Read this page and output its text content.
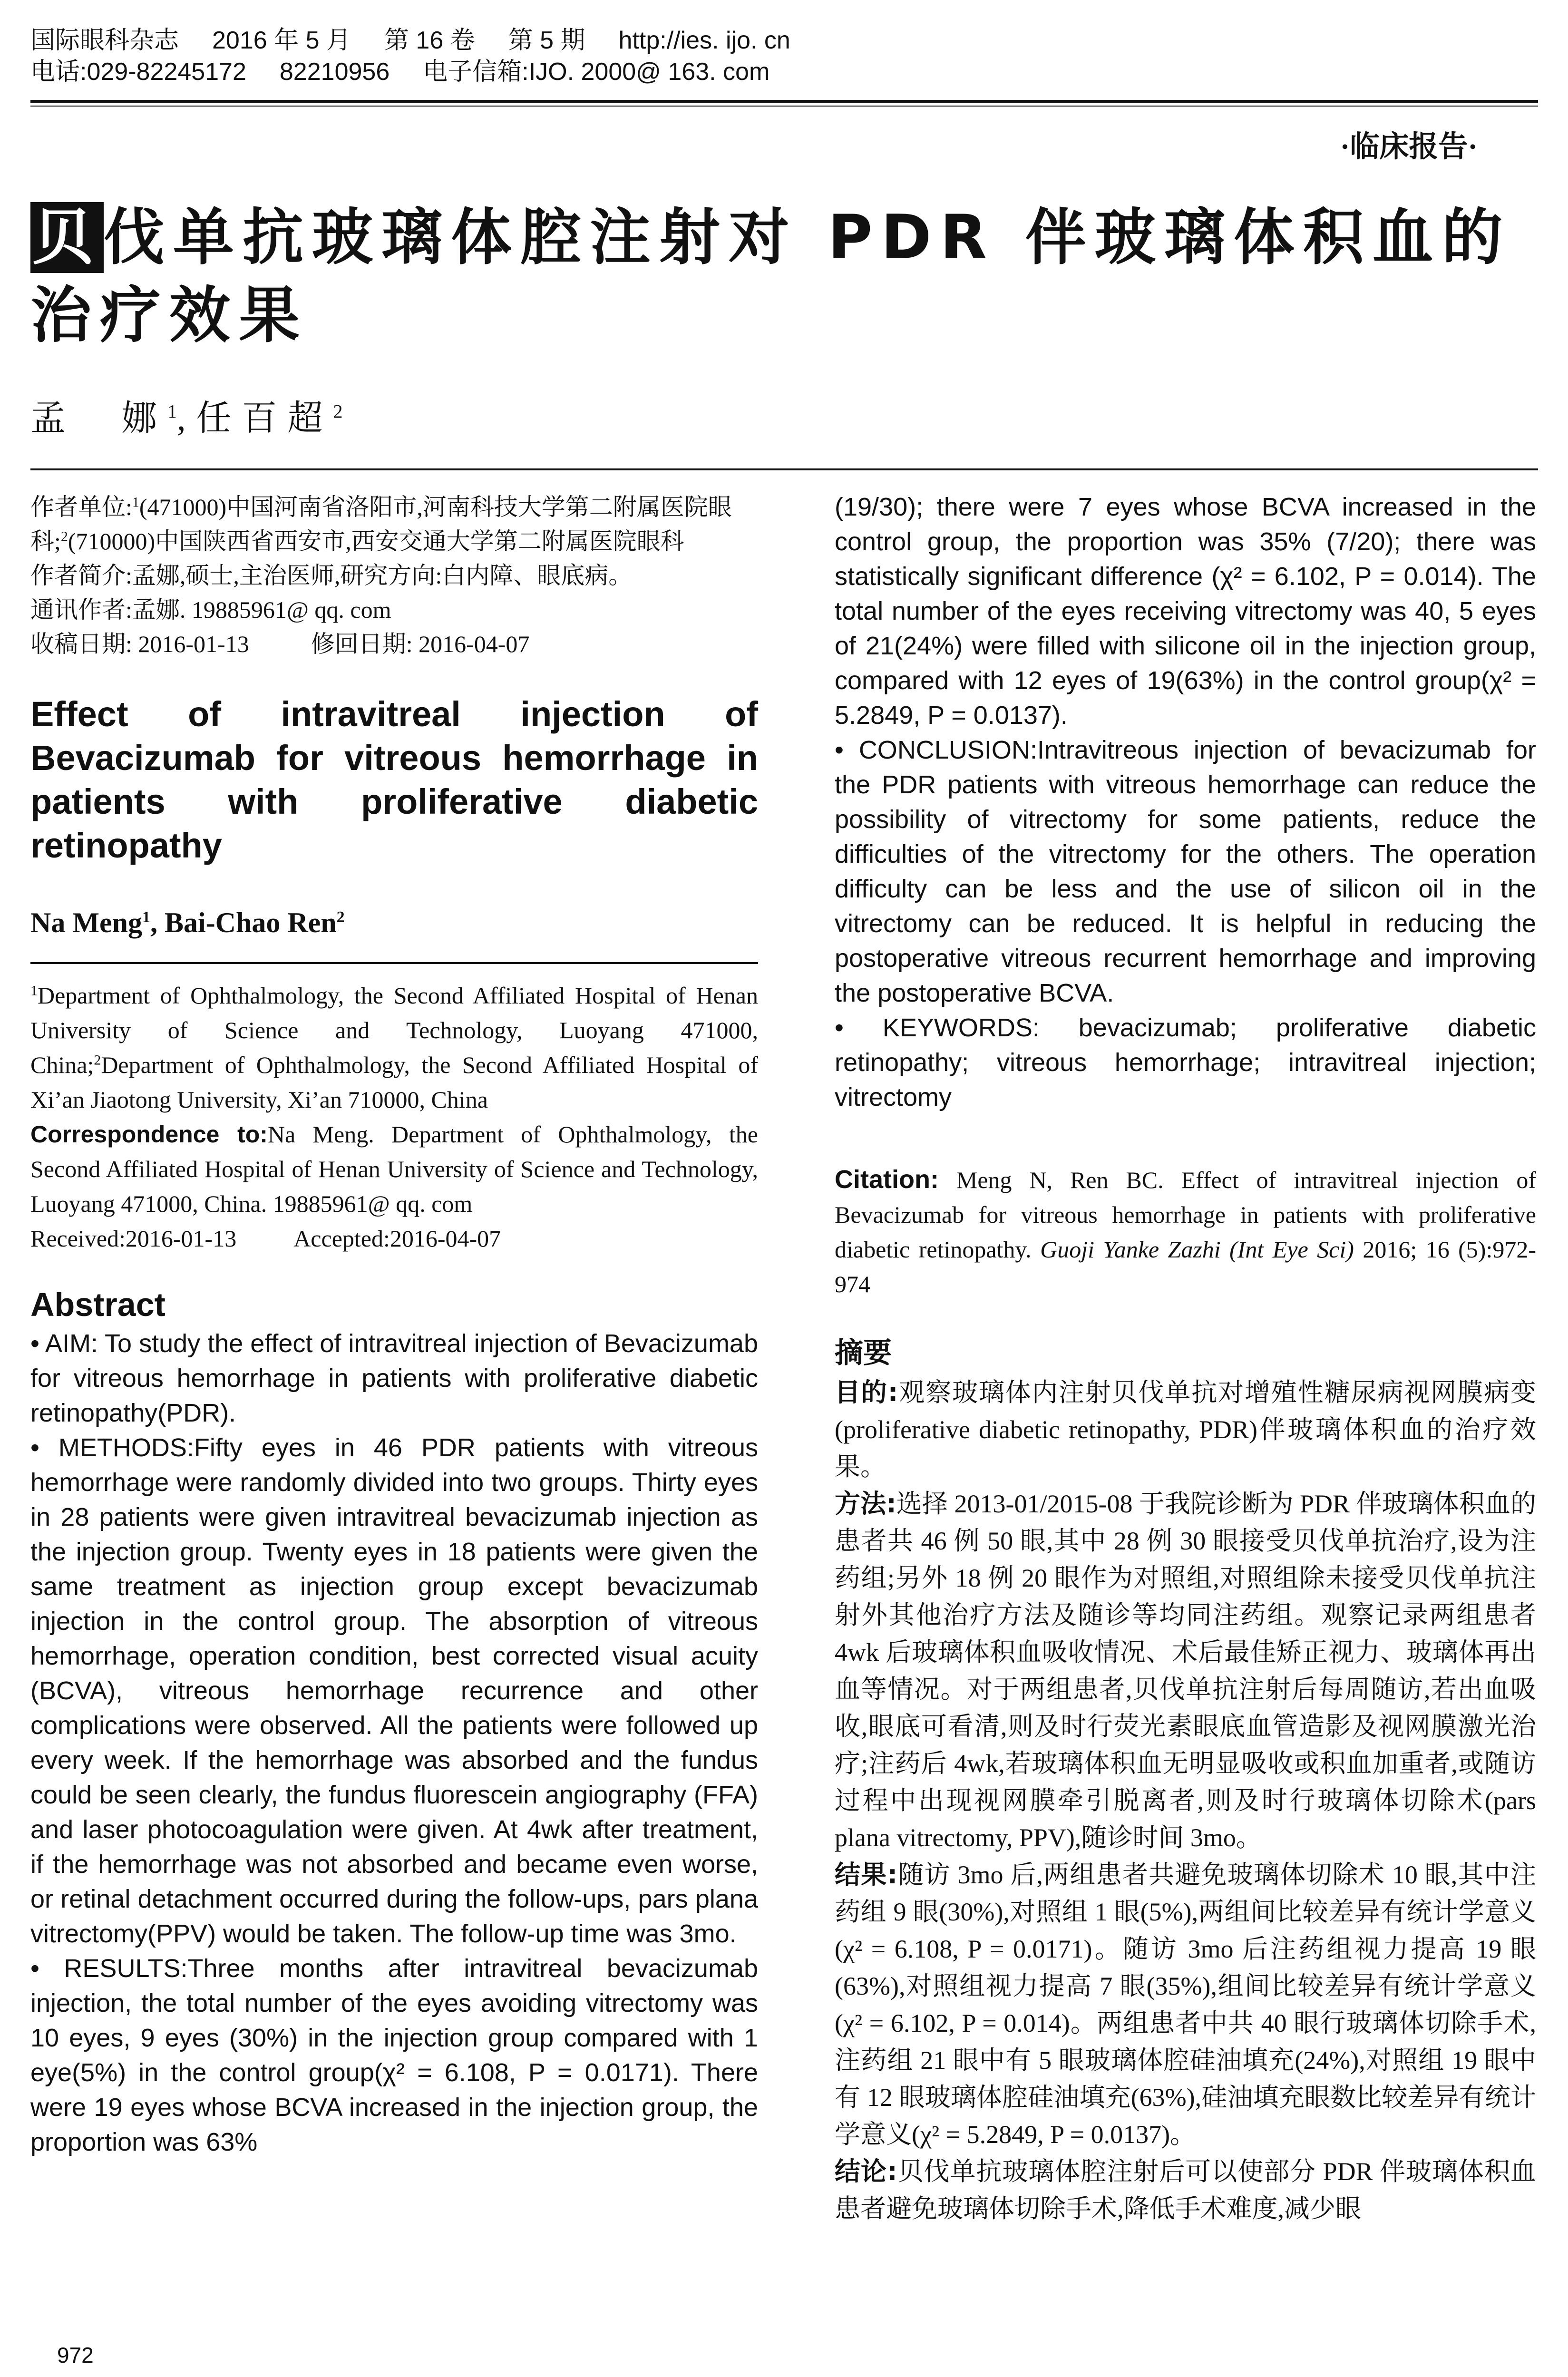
国际眼科杂志 2016 年 5 月 第 16 卷 第 5 期 http://ies. ijo. cn
电话:029-82245172 82210956 电子信箱:IJO. 2000@ 163. com
·临床报告·
贝伐单抗玻璃体腔注射对 PDR 伴玻璃体积血的治疗效果
孟　娜$^1$,任百超$^2$
作者单位:$^1$(471000)中国河南省洛阳市,河南科技大学第二附属医院眼科;$^2$(710000)中国陕西省西安市,西安交通大学第二附属医院眼科
作者简介:孟娜,硕士,主治医师,研究方向:白内障、眼底病。
通讯作者:孟娜. 19885961@ qq. com
收稿日期: 2016-01-13	修回日期: 2016-04-07
Effect of intravitreal injection of Bevacizumab for vitreous hemorrhage in patients with proliferative diabetic retinopathy
Na Meng$^1$, Bai-Chao Ren$^2$
$^1$Department of Ophthalmology, the Second Affiliated Hospital of Henan University of Science and Technology, Luoyang 471000, China;$^2$Department of Ophthalmology, the Second Affiliated Hospital of Xi’an Jiaotong University, Xi’an 710000, China
Correspondence to:Na Meng. Department of Ophthalmology, the Second Affiliated Hospital of Henan University of Science and Technology, Luoyang 471000, China. 19885961@ qq. com
Received:2016-01-13 Accepted:2016-04-07
Abstract
• AIM: To study the effect of intravitreal injection of Bevacizumab for vitreous hemorrhage in patients with proliferative diabetic retinopathy(PDR).
• METHODS:Fifty eyes in 46 PDR patients with vitreous hemorrhage were randomly divided into two groups. Thirty eyes in 28 patients were given intravitreal bevacizumab injection as the injection group. Twenty eyes in 18 patients were given the same treatment as injection group except bevacizumab injection in the control group. The absorption of vitreous hemorrhage, operation condition, best corrected visual acuity (BCVA), vitreous hemorrhage recurrence and other complications were observed. All the patients were followed up every week. If the hemorrhage was absorbed and the fundus could be seen clearly, the fundus fluorescein angiography (FFA) and laser photocoagulation were given. At 4wk after treatment, if the hemorrhage was not absorbed and became even worse, or retinal detachment occurred during the follow-ups, pars plana vitrectomy(PPV) would be taken. The follow-up time was 3mo.
• RESULTS:Three months after intravitreal bevacizumab injection, the total number of the eyes avoiding vitrectomy was 10 eyes, 9 eyes (30%) in the injection group compared with 1 eye(5%) in the control group(χ² = 6.108, P = 0.0171). There were 19 eyes whose BCVA increased in the injection group, the proportion was 63%
(19/30); there were 7 eyes whose BCVA increased in the control group, the proportion was 35% (7/20); there was statistically significant difference (χ² = 6.102, P = 0.014). The total number of the eyes receiving vitrectomy was 40, 5 eyes of 21(24%) were filled with silicone oil in the injection group, compared with 12 eyes of 19(63%) in the control group(χ² = 5.2849, P = 0.0137).
• CONCLUSION:Intravitreous injection of bevacizumab for the PDR patients with vitreous hemorrhage can reduce the possibility of vitrectomy for some patients, reduce the difficulties of the vitrectomy for the others. The operation difficulty can be less and the use of silicon oil in the vitrectomy can be reduced. It is helpful in reducing the postoperative vitreous recurrent hemorrhage and improving the postoperative BCVA.
• KEYWORDS: bevacizumab; proliferative diabetic retinopathy; vitreous hemorrhage; intravitreal injection; vitrectomy
Citation: Meng N, Ren BC. Effect of intravitreal injection of Bevacizumab for vitreous hemorrhage in patients with proliferative diabetic retinopathy. Guoji Yanke Zazhi (Int Eye Sci) 2016; 16 (5):972-974
摘要
目的:观察玻璃体内注射贝伐单抗对增殖性糖尿病视网膜病变(proliferative diabetic retinopathy, PDR)伴玻璃体积血的治疗效果。
方法:选择 2013-01/2015-08 于我院诊断为 PDR 伴玻璃体积血的患者共 46 例 50 眼,其中 28 例 30 眼接受贝伐单抗治疗,设为注药组;另外 18 例 20 眼作为对照组,对照组除未接受贝伐单抗注射外其他治疗方法及随诊等均同注药组。观察记录两组患者 4wk 后玻璃体积血吸收情况、术后最佳矫正视力、玻璃体再出血等情况。对于两组患者,贝伐单抗注射后每周随访,若出血吸收,眼底可看清,则及时行荧光素眼底血管造影及视网膜激光治疗;注药后 4wk,若玻璃体积血无明显吸收或积血加重者,或随访过程中出现视网膜牵引脱离者,则及时行玻璃体切除术(pars plana vitrectomy, PPV),随诊时间 3mo。
结果:随访 3mo 后,两组患者共避免玻璃体切除术 10 眼,其中注药组 9 眼(30%),对照组 1 眼(5%),两组间比较差异有统计学意义(χ² = 6.108, P = 0.0171)。随访 3mo 后注药组视力提高 19 眼(63%),对照组视力提高 7 眼(35%),组间比较差异有统计学意义(χ² = 6.102, P = 0.014)。两组患者中共 40 眼行玻璃体切除手术,注药组 21 眼中有 5 眼玻璃体腔硅油填充(24%),对照组 19 眼中有 12 眼玻璃体腔硅油填充(63%),硅油填充眼数比较差异有统计学意义(χ² = 5.2849, P = 0.0137)。
结论:贝伐单抗玻璃体腔注射后可以使部分 PDR 伴玻璃体积血患者避免玻璃体切除手术,降低手术难度,减少眼
972
